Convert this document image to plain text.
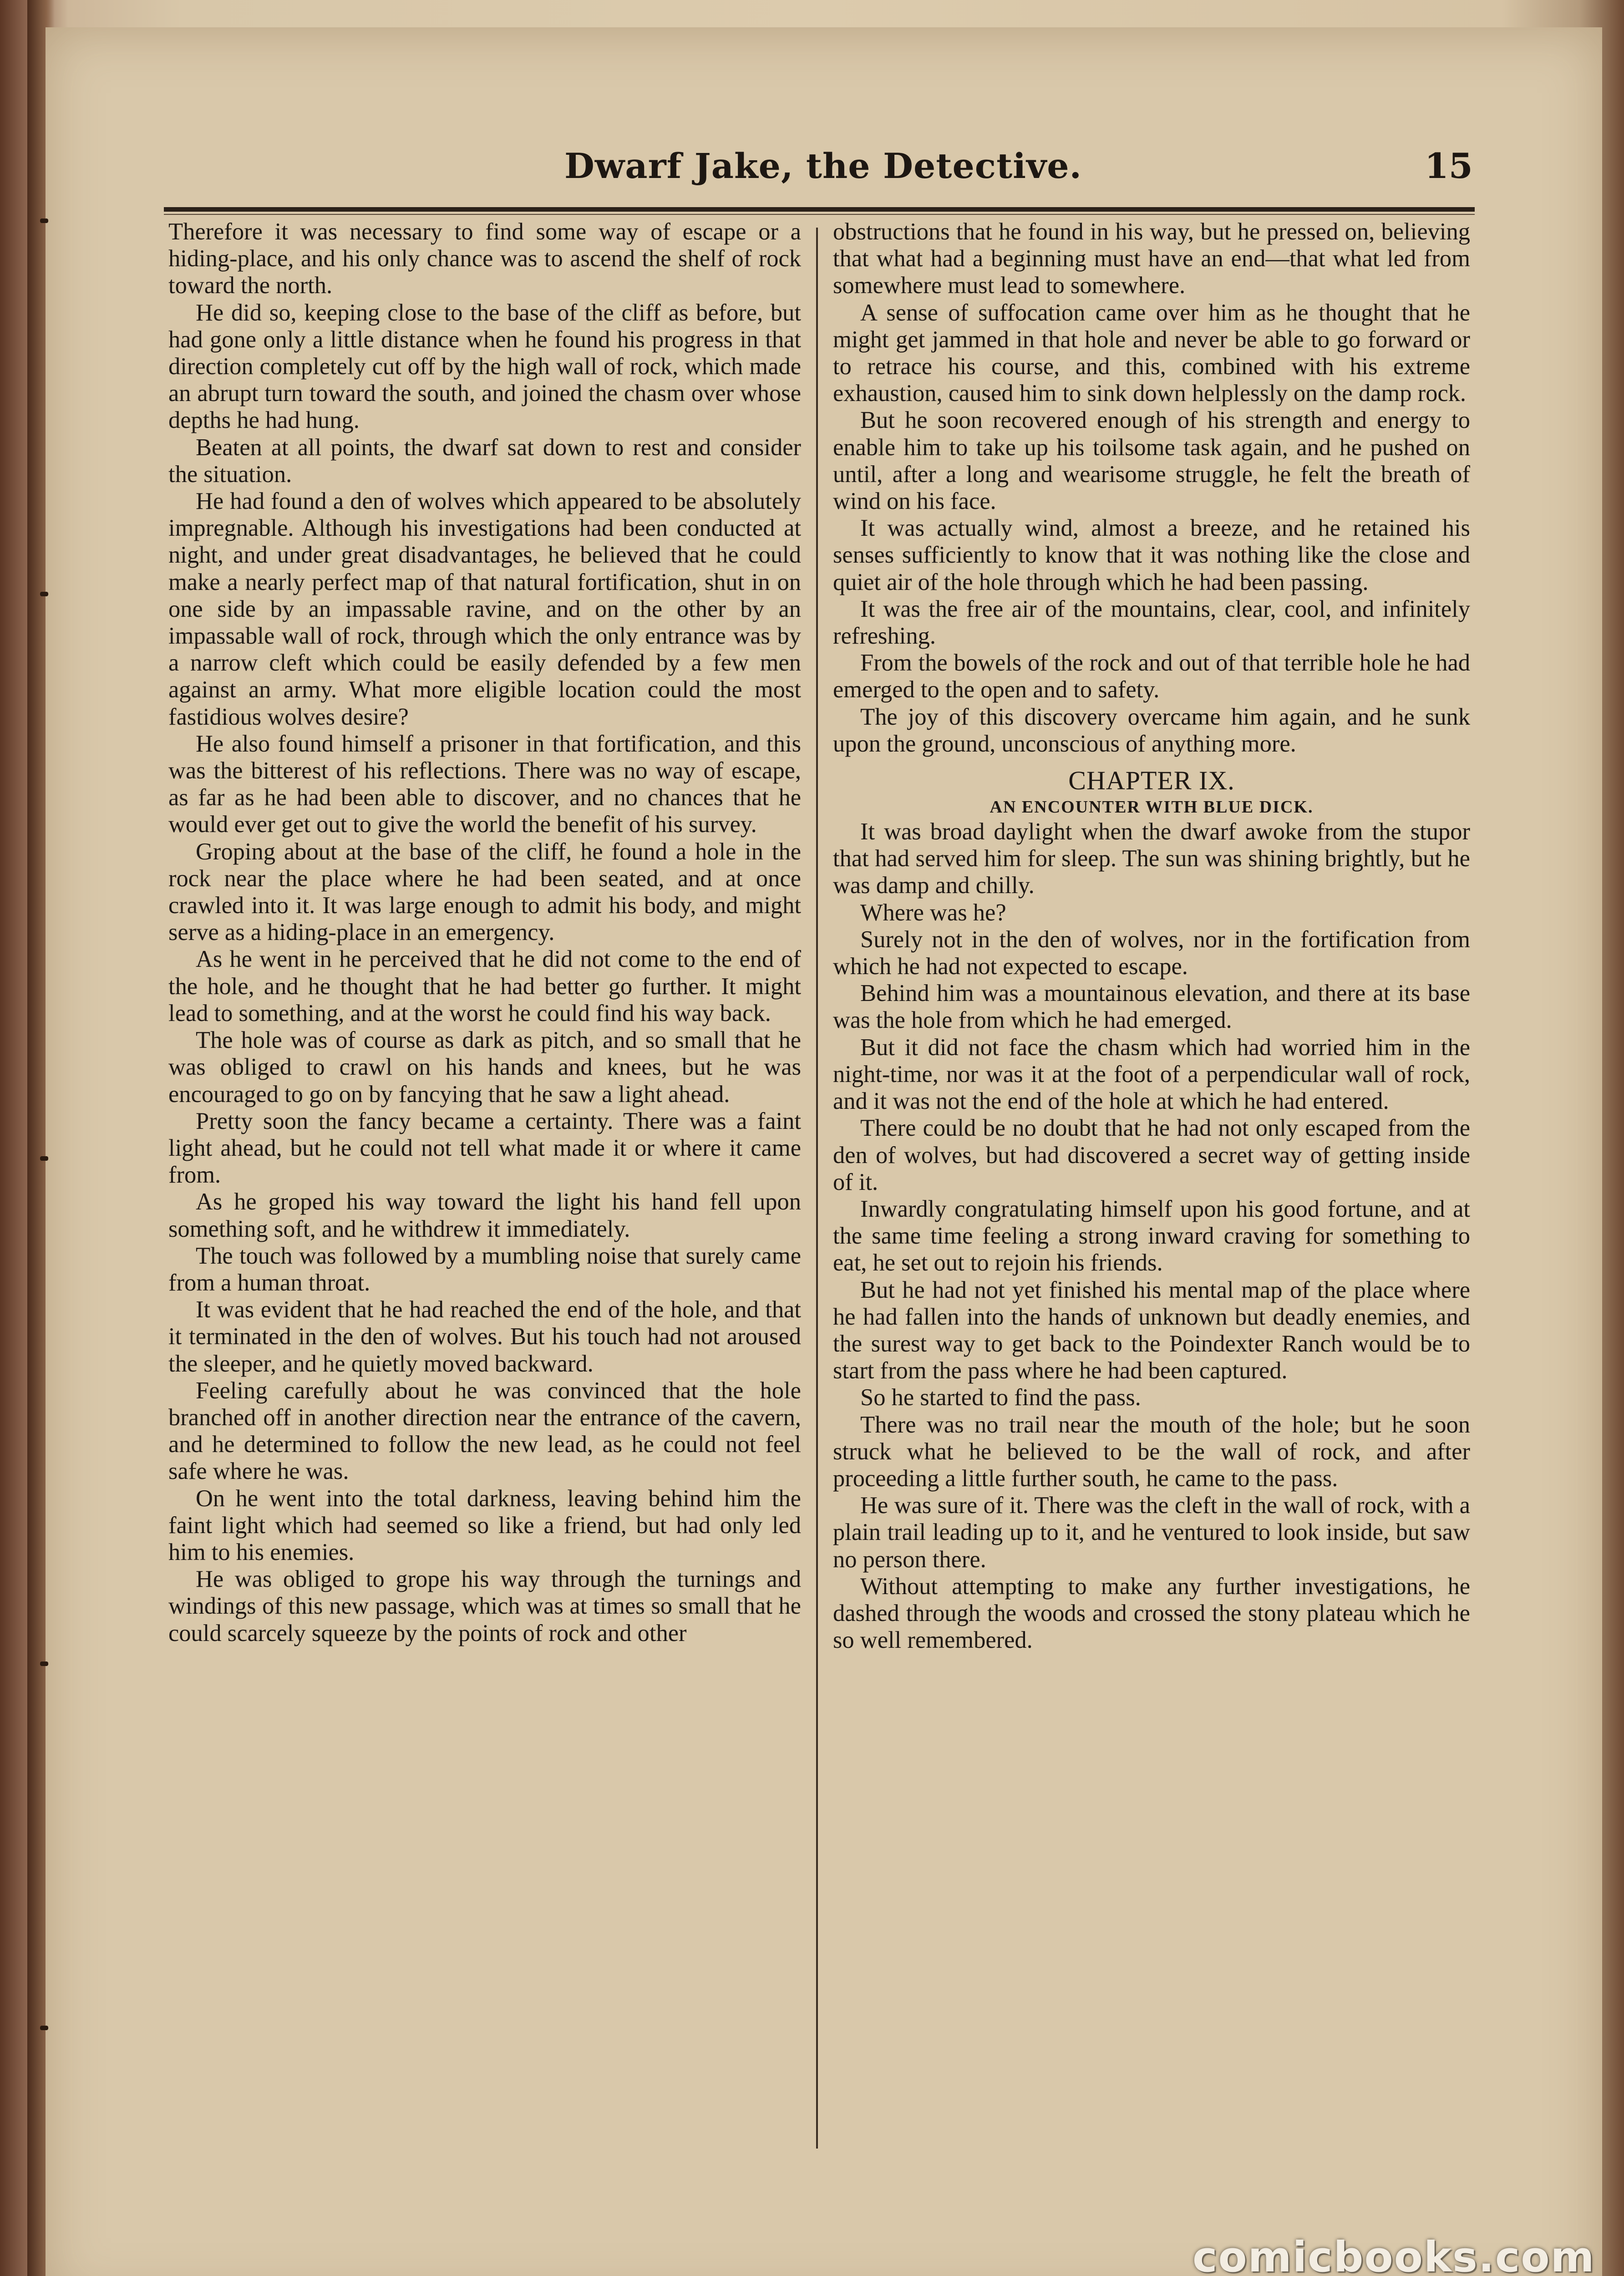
Dwarf Jake, the Detective.	15

Therefore it was necessary to find some way of escape or a hiding-place, and his only chance was to ascend the shelf of rock toward the north.

He did so, keeping close to the base of the cliff as before, but had gone only a little distance when he found his progress in that direction completely cut off by the high wall of rock, which made an abrupt turn toward the south, and joined the chasm over whose depths he had hung.

Beaten at all points, the dwarf sat down to rest and consider the situation.

He had found a den of wolves which appeared to be absolutely impregnable. Although his investigations had been conducted at night, and under great disadvantages, he believed that he could make a nearly perfect map of that natural fortification, shut in on one side by an impassable ravine, and on the other by an impassable wall of rock, through which the only entrance was by a narrow cleft which could be easily defended by a few men against an army. What more eligible location could the most fastidious wolves desire?

He also found himself a prisoner in that fortification, and this was the bitterest of his reflections. There was no way of escape, as far as he had been able to discover, and no chances that he would ever get out to give the world the benefit of his survey.

Groping about at the base of the cliff, he found a hole in the rock near the place where he had been seated, and at once crawled into it. It was large enough to admit his body, and might serve as a hiding-place in an emergency.

As he went in he perceived that he did not come to the end of the hole, and he thought that he had better go further. It might lead to something, and at the worst he could find his way back.

The hole was of course as dark as pitch, and so small that he was obliged to crawl on his hands and knees, but he was encouraged to go on by fancying that he saw a light ahead.

Pretty soon the fancy became a certainty. There was a faint light ahead, but he could not tell what made it or where it came from.

As he groped his way toward the light his hand fell upon something soft, and he withdrew it immediately.

The touch was followed by a mumbling noise that surely came from a human throat.

It was evident that he had reached the end of the hole, and that it terminated in the den of wolves. But his touch had not aroused the sleeper, and he quietly moved backward.

Feeling carefully about he was convinced that the hole branched off in another direction near the entrance of the cavern, and he determined to follow the new lead, as he could not feel safe where he was.

On he went into the total darkness, leaving behind him the faint light which had seemed so like a friend, but had only led him to his enemies.

He was obliged to grope his way through the turnings and windings of this new passage, which was at times so small that he could scarcely squeeze by the points of rock and other

obstructions that he found in his way, but he pressed on, believing that what had a beginning must have an end—that what led from somewhere must lead to somewhere.

A sense of suffocation came over him as he thought that he might get jammed in that hole and never be able to go forward or to retrace his course, and this, combined with his extreme exhaustion, caused him to sink down helplessly on the damp rock.

But he soon recovered enough of his strength and energy to enable him to take up his toilsome task again, and he pushed on until, after a long and wearisome struggle, he felt the breath of wind on his face.

It was actually wind, almost a breeze, and he retained his senses sufficiently to know that it was nothing like the close and quiet air of the hole through which he had been passing.

It was the free air of the mountains, clear, cool, and infinitely refreshing.

From the bowels of the rock and out of that terrible hole he had emerged to the open and to safety.

The joy of this discovery overcame him again, and he sunk upon the ground, unconscious of anything more.

CHAPTER IX.
AN ENCOUNTER WITH BLUE DICK.

It was broad daylight when the dwarf awoke from the stupor that had served him for sleep. The sun was shining brightly, but he was damp and chilly.

Where was he?

Surely not in the den of wolves, nor in the fortification from which he had not expected to escape.

Behind him was a mountainous elevation, and there at its base was the hole from which he had emerged.

But it did not face the chasm which had worried him in the night-time, nor was it at the foot of a perpendicular wall of rock, and it was not the end of the hole at which he had entered.

There could be no doubt that he had not only escaped from the den of wolves, but had discovered a secret way of getting inside of it.

Inwardly congratulating himself upon his good fortune, and at the same time feeling a strong inward craving for something to eat, he set out to rejoin his friends.

But he had not yet finished his mental map of the place where he had fallen into the hands of unknown but deadly enemies, and the surest way to get back to the Poindexter Ranch would be to start from the pass where he had been captured.

So he started to find the pass.

There was no trail near the mouth of the hole; but he soon struck what he believed to be the wall of rock, and after proceeding a little further south, he came to the pass.

He was sure of it. There was the cleft in the wall of rock, with a plain trail leading up to it, and he ventured to look inside, but saw no person there.

Without attempting to make any further investigations, he dashed through the woods and crossed the stony plateau which he so well remembered.

comicbooks.com
